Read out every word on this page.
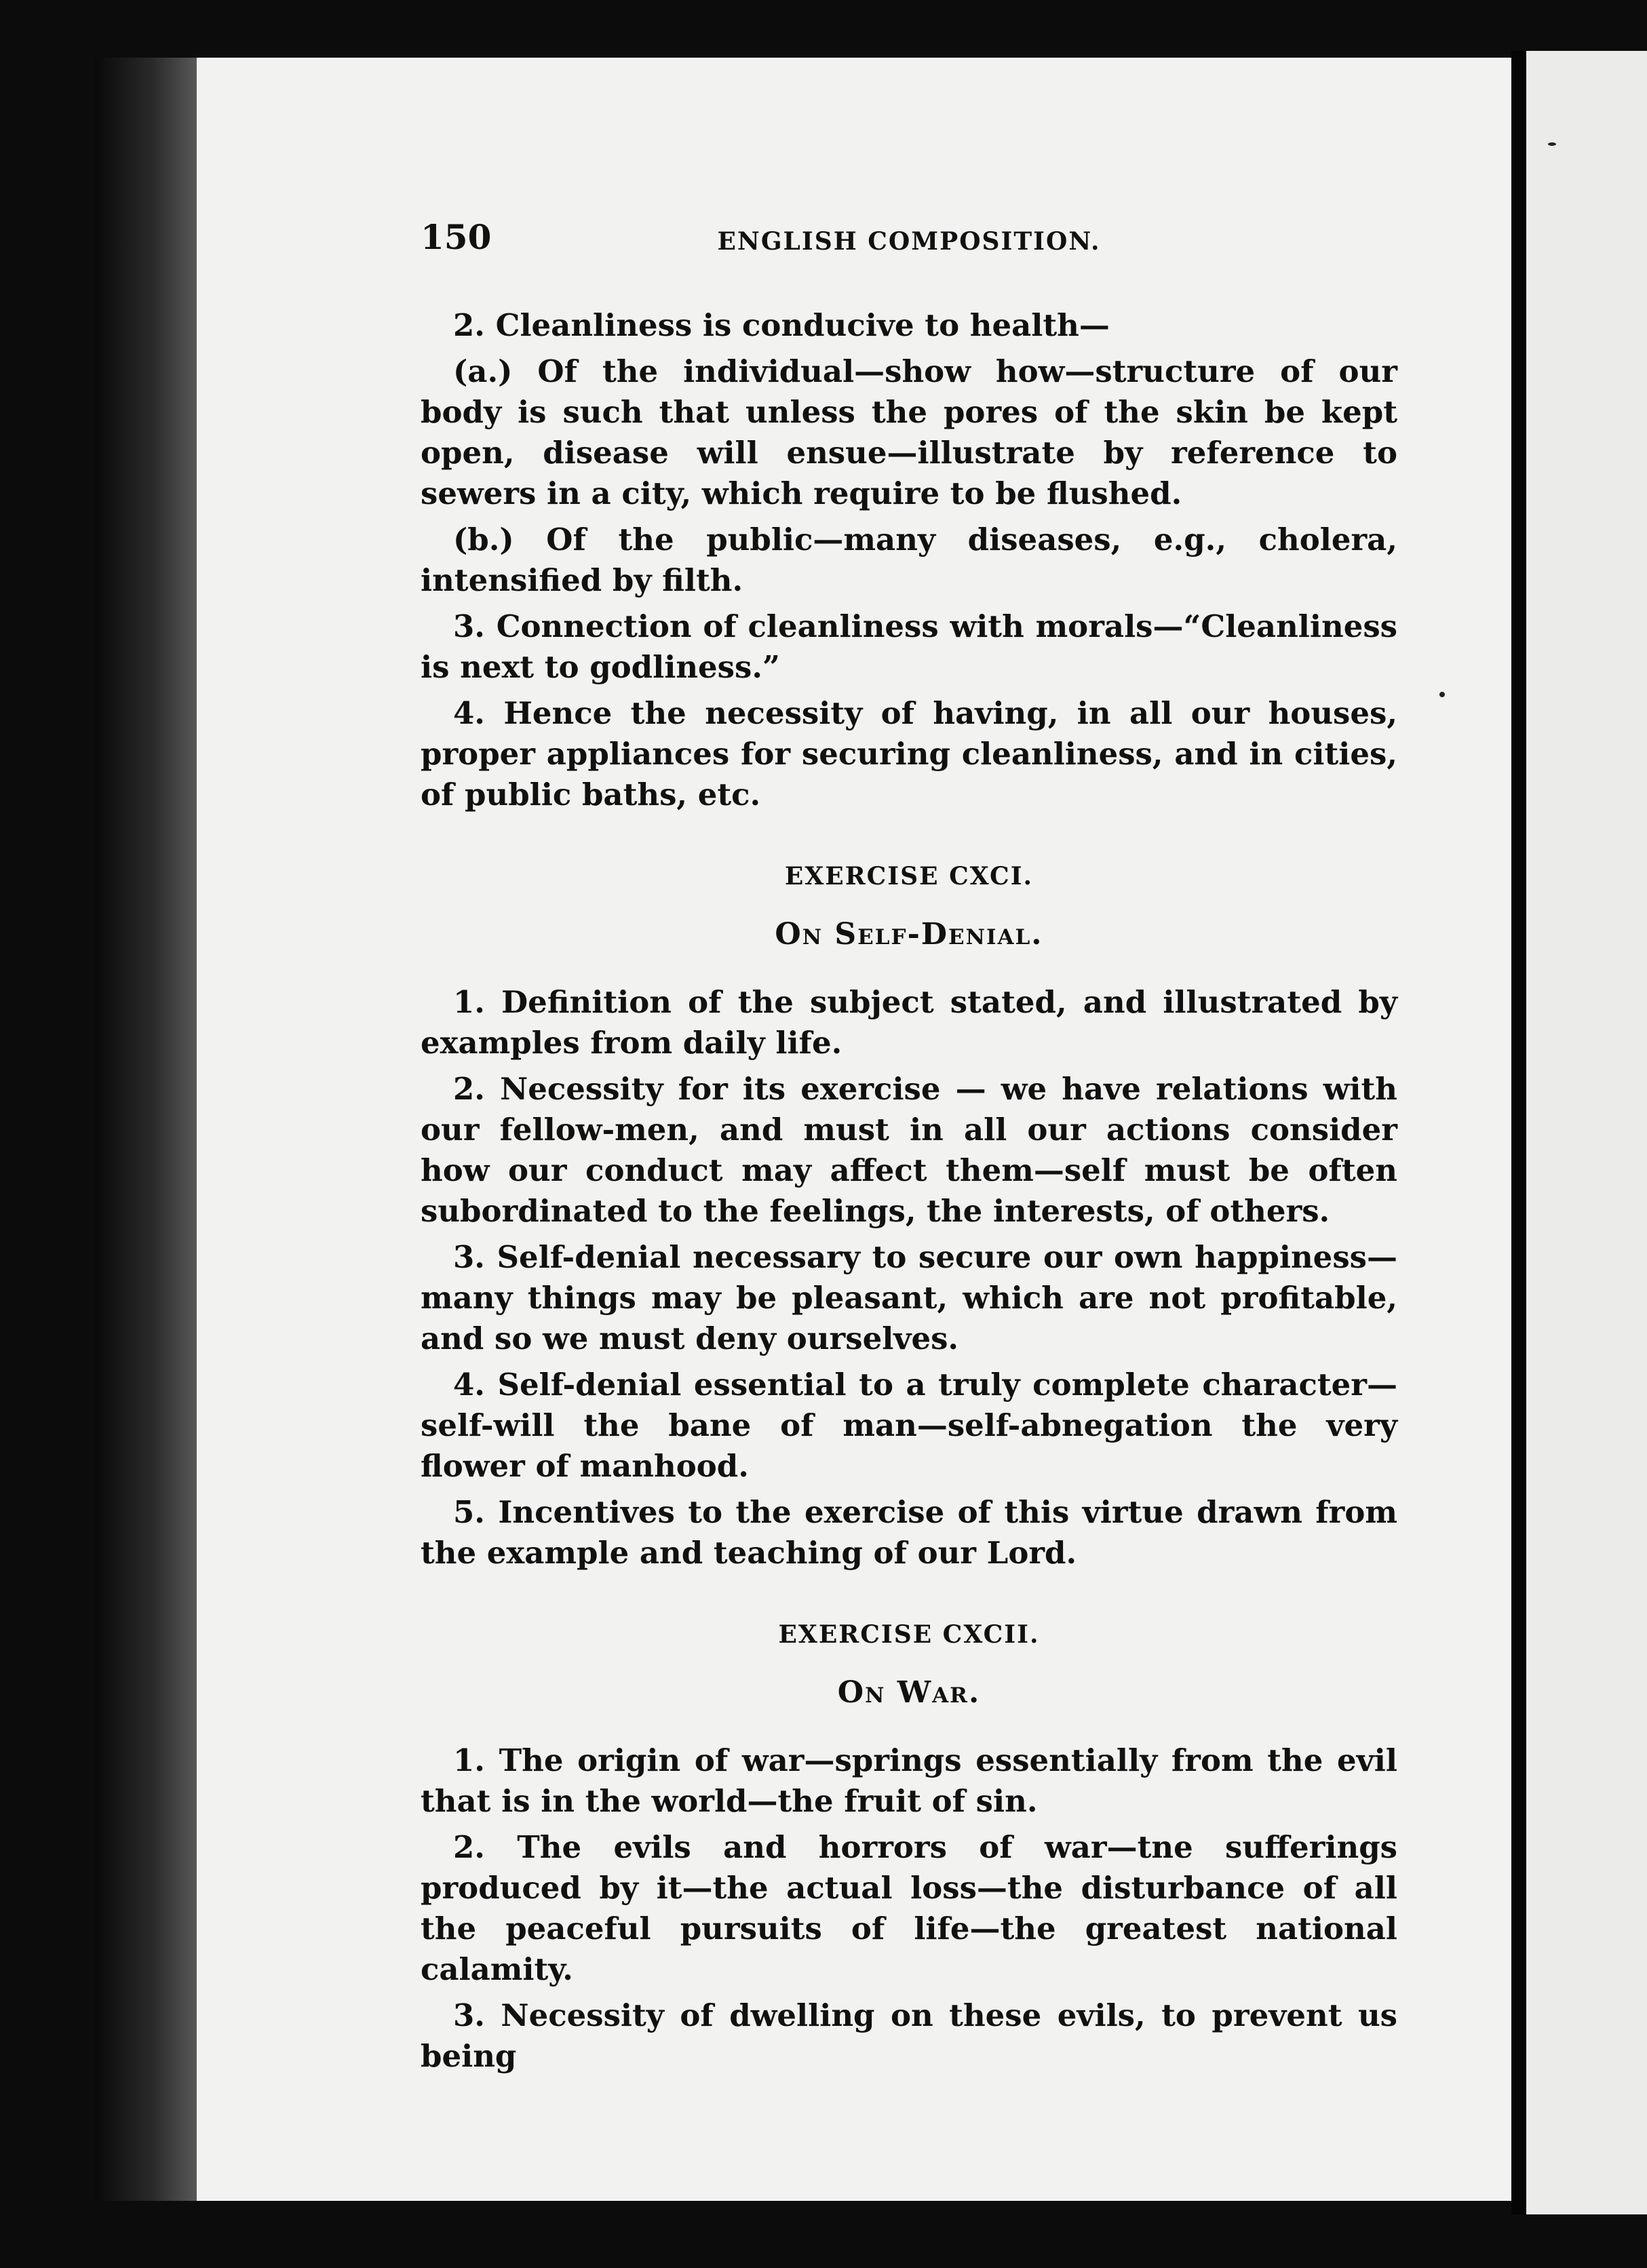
150	ENGLISH COMPOSITION.

2. Cleanliness is conducive to health—

(a.) Of the individual—show how—structure of our body is such that unless the pores of the skin be kept open, disease will ensue—illustrate by reference to sewers in a city, which require to be flushed.

(b.) Of the public—many diseases, e.g., cholera, intensified by filth.

3. Connection of cleanliness with morals—“Cleanliness is next to godliness.”

4. Hence the necessity of having, in all our houses, proper appliances for securing cleanliness, and in cities, of public baths, etc.

EXERCISE CXCI.
On Self-Denial.

1. Definition of the subject stated, and illustrated by examples from daily life.

2. Necessity for its exercise — we have relations with our fellow-men, and must in all our actions consider how our conduct may affect them—self must be often subordinated to the feelings, the interests, of others.

3. Self-denial necessary to secure our own happiness—many things may be pleasant, which are not profitable, and so we must deny ourselves.

4. Self-denial essential to a truly complete character—self-will the bane of man—self-abnegation the very flower of manhood.

5. Incentives to the exercise of this virtue drawn from the example and teaching of our Lord.

EXERCISE CXCII.
On War.

1. The origin of war—springs essentially from the evil that is in the world—the fruit of sin.

2. The evils and horrors of war—tne sufferings produced by it—the actual loss—the disturbance of all the peaceful pursuits of life—the greatest national calamity.

3. Necessity of dwelling on these evils, to prevent us being
